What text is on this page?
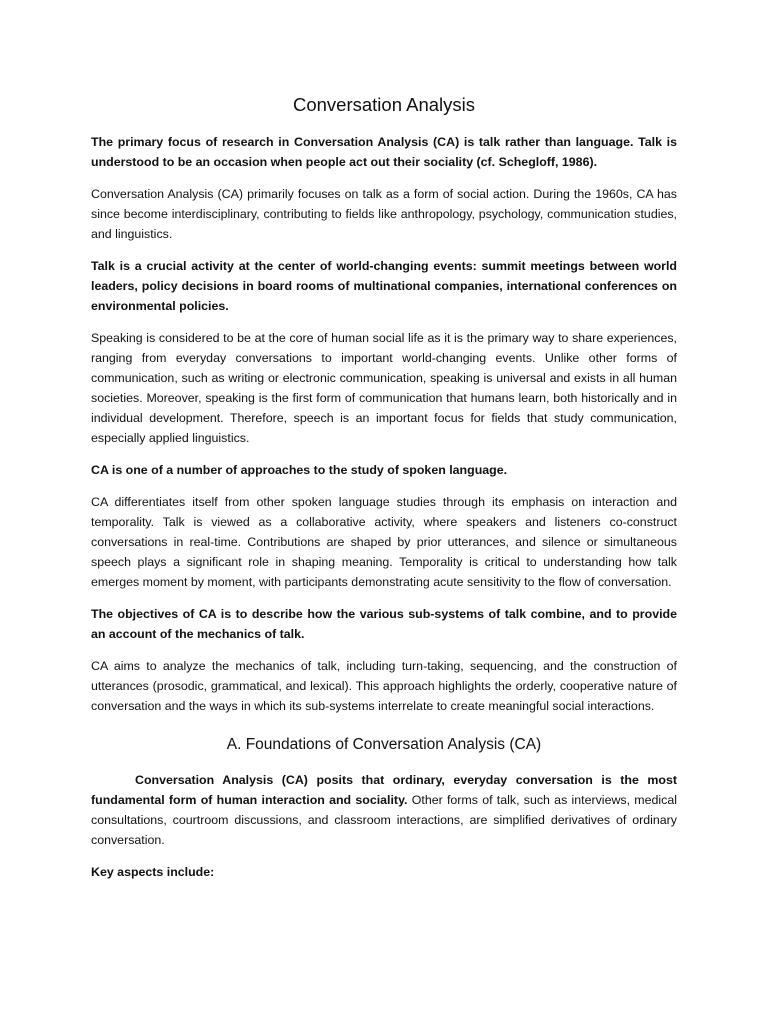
Conversation Analysis

The primary focus of research in Conversation Analysis (CA) is talk rather than language. Talk is understood to be an occasion when people act out their sociality (cf. Schegloff, 1986).

Conversation Analysis (CA) primarily focuses on talk as a form of social action. During the 1960s, CA has since become interdisciplinary, contributing to fields like anthropology, psychology, communication studies, and linguistics.

Talk is a crucial activity at the center of world-changing events: summit meetings between world leaders, policy decisions in board rooms of multinational companies, international conferences on environmental policies.

Speaking is considered to be at the core of human social life as it is the primary way to share experiences, ranging from everyday conversations to important world-changing events. Unlike other forms of communication, such as writing or electronic communication, speaking is universal and exists in all human societies. Moreover, speaking is the first form of communication that humans learn, both historically and in individual development. Therefore, speech is an important focus for fields that study communication, especially applied linguistics.

CA is one of a number of approaches to the study of spoken language.

CA differentiates itself from other spoken language studies through its emphasis on interaction and temporality. Talk is viewed as a collaborative activity, where speakers and listeners co-construct conversations in real-time. Contributions are shaped by prior utterances, and silence or simultaneous speech plays a significant role in shaping meaning. Temporality is critical to understanding how talk emerges moment by moment, with participants demonstrating acute sensitivity to the flow of conversation.

The objectives of CA is to describe how the various sub-systems of talk combine, and to provide an account of the mechanics of talk.

CA aims to analyze the mechanics of talk, including turn-taking, sequencing, and the construction of utterances (prosodic, grammatical, and lexical). This approach highlights the orderly, cooperative nature of conversation and the ways in which its sub-systems interrelate to create meaningful social interactions.

A. Foundations of Conversation Analysis (CA)

Conversation Analysis (CA) posits that ordinary, everyday conversation is the most fundamental form of human interaction and sociality. Other forms of talk, such as interviews, medical consultations, courtroom discussions, and classroom interactions, are simplified derivatives of ordinary conversation.

Key aspects include:
